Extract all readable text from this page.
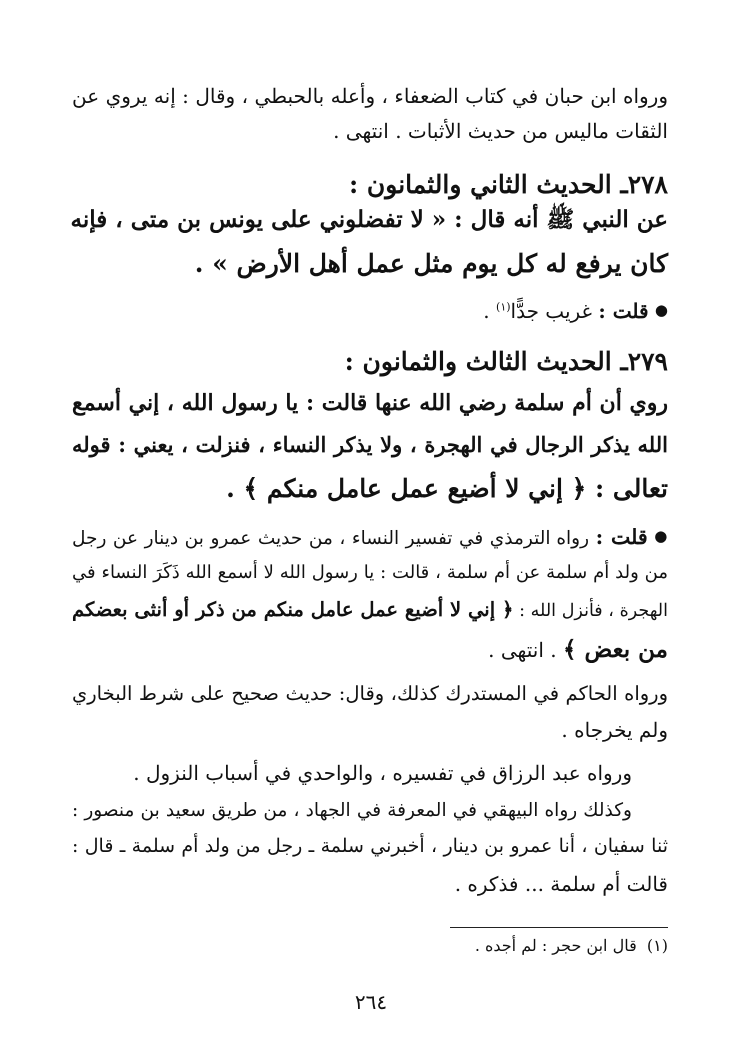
ورواه ابن حبان في كتاب الضعفاء ، وأعله بالحبطي ، وقال : إنه يروي عن

الثقات ماليس من حديث الأثبات . انتهى .

٢٧٨ـ الحديث الثاني والثمانون :

عن النبي ﷺ أنه قال : « لا تفضلوني على يونس بن متى ، فإنه

كان يرفع له كل يوم مثل عمل أهل الأرض » .

● قلت : غريب جدًّا$^{(١)}$ .

٢٧٩ـ الحديث الثالث والثمانون :

روي أن أم سلمة رضي الله عنها قالت : يا رسول الله ، إني أسمع

الله يذكر الرجال في الهجرة ، ولا يذكر النساء ، فنزلت ، يعني : قوله

تعالى : ﴿ إني لا أضيع عمل عامل منكم ﴾ .

● قلت : رواه الترمذي في تفسير النساء ، من حديث عمرو بن دينار عن رجل

من ولد أم سلمة عن أم سلمة ، قالت : يا رسول الله لا أسمع الله ذَكَرَ النساء في

الهجرة ، فأنزل الله : ﴿ إني لا أضيع عمل عامل منكم من ذكر أو أنثى بعضكم

من بعض ﴾ . انتهى .

ورواه الحاكم في المستدرك كذلك، وقال: حديث صحيح على شرط البخاري

ولم يخرجاه .

ورواه عبد الرزاق في تفسيره ، والواحدي في أسباب النزول .

وكذلك رواه البيهقي في المعرفة في الجهاد ، من طريق سعيد بن منصور :

ثنا سفيان ، أنا عمرو بن دينار ، أخبرني سلمة ـ رجل من ولد أم سلمة ـ قال :

قالت أم سلمة ... فذكره .

(١)  قال ابن حجر : لم أجده .

٢٦٤
